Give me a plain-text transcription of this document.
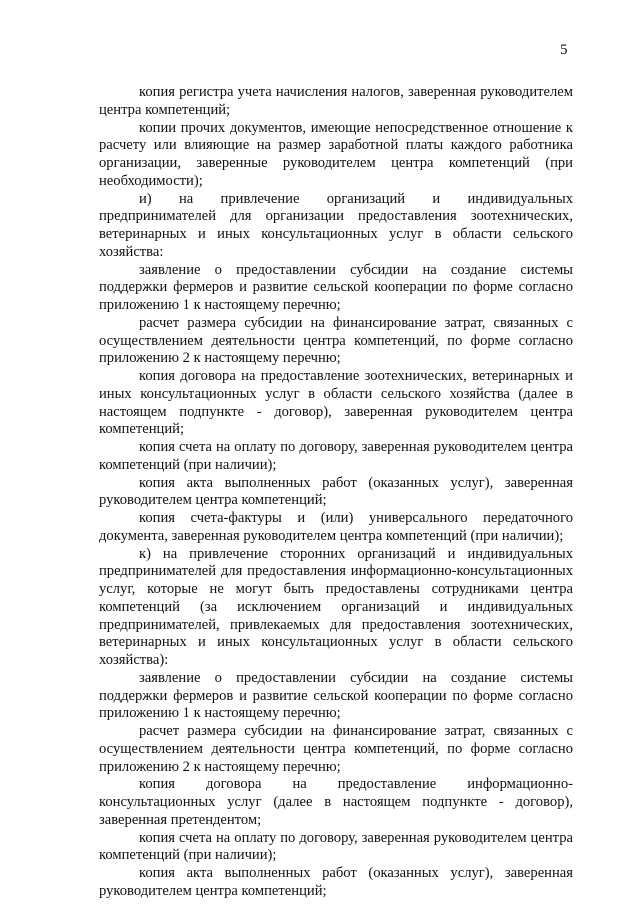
5

копия регистра учета начисления налогов, заверенная руководителем центра компетенций;

копии прочих документов, имеющие непосредственное отношение к расчету или влияющие на размер заработной платы каждого работника организации, заверенные руководителем центра компетенций (при необходимости);

и) на привлечение организаций и индивидуальных предпринимателей для организации предоставления зоотехнических, ветеринарных и иных консультационных услуг в области сельского хозяйства:

заявление о предоставлении субсидии на создание системы поддержки фермеров и развитие сельской кооперации по форме согласно приложению 1 к настоящему перечню;

расчет размера субсидии на финансирование затрат, связанных с осуществлением деятельности центра компетенций, по форме согласно приложению 2 к настоящему перечню;

копия договора на предоставление зоотехнических, ветеринарных и иных консультационных услуг в области сельского хозяйства (далее в настоящем подпункте - договор), заверенная руководителем центра компетенций;

копия счета на оплату по договору, заверенная руководителем центра компетенций (при наличии);

копия акта выполненных работ (оказанных услуг), заверенная руководителем центра компетенций;

копия счета-фактуры и (или) универсального передаточного документа, заверенная руководителем центра компетенций (при наличии);

к) на привлечение сторонних организаций и индивидуальных предпринимателей для предоставления информационно-консультационных услуг, которые не могут быть предоставлены сотрудниками центра компетенций (за исключением организаций и индивидуальных предпринимателей, привлекаемых для предоставления зоотехнических, ветеринарных и иных консультационных услуг в области сельского хозяйства):

заявление о предоставлении субсидии на создание системы поддержки фермеров и развитие сельской кооперации по форме согласно приложению 1 к настоящему перечню;

расчет размера субсидии на финансирование затрат, связанных с осуществлением деятельности центра компетенций, по форме согласно приложению 2 к настоящему перечню;

копия договора на предоставление информационно-консультационных услуг (далее в настоящем подпункте - договор), заверенная претендентом;

копия счета на оплату по договору, заверенная руководителем центра компетенций (при наличии);

копия акта выполненных работ (оказанных услуг), заверенная руководителем центра компетенций;
